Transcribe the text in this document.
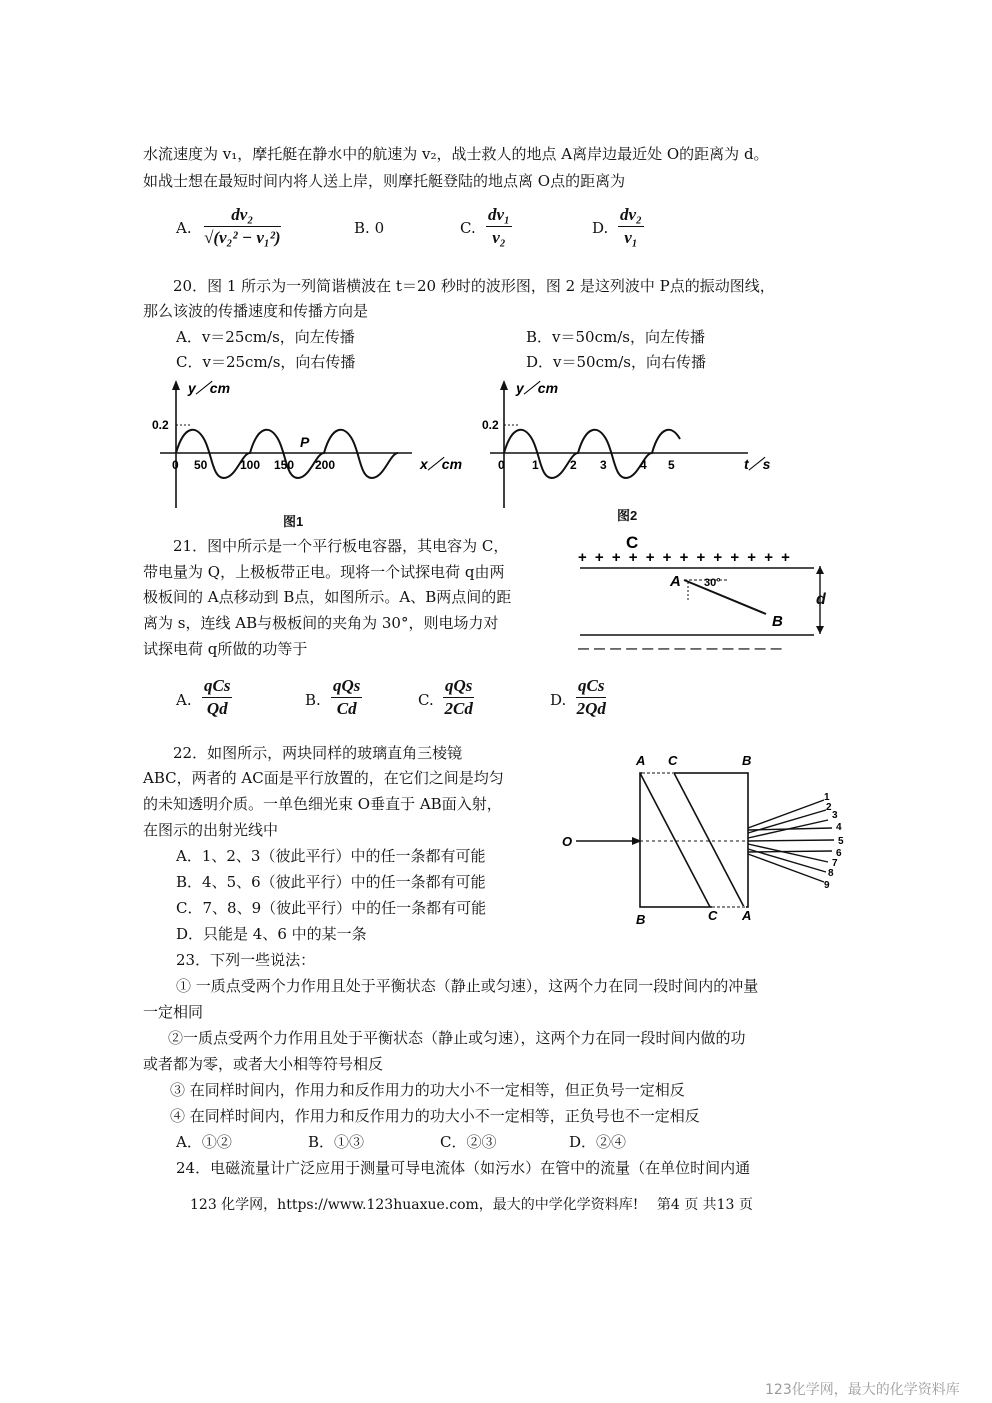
水流速度为 v₁，摩托艇在静水中的航速为 v₂，战士救人的地点 A离岸边最近处 O的距离为 d。
如战士想在最短时间内将人送上岸，则摩托艇登陆的地点离 O点的距离为
A. $\frac{\text{dv₂}}{\text{√(v₂² − v₁²)}}$	B. 0	C. $\frac{\text{dv₁}}{\text{v₂}}$	D. $\frac{\text{dv₂}}{\text{v₁}}$
20．图 1 所示为一列简谐横波在 t＝20 秒时的波形图，图 2 是这列波中 P点的振动图线，
那么该波的传播速度和传播方向是
A．v＝25cm/s，向左传播	B．v＝50cm/s，向左传播
C．v＝25cm/s，向右传播	D．v＝50cm/s，向右传播
y／cm
0.2
0 50	100 150 200
P
x／cm
图1
y／cm
0.2
0 1	2 3	4 5	t／s
图2
21．图中所示是一个平行板电容器，其电容为 C，
带电量为 Q，上极板带正电。现将一个试探电荷 q由两
极板间的 A点移动到 B点，如图所示。A、B两点间的距
离为 s，连线 AB与极板间的夹角为 30°，则电场力对
试探电荷 q所做的功等于
C
+ + + + + + + + + + + + +
— — — — — — — — — — — — —
A 30°
B
d
A.
qCs
Qd	B.
qQs
Cd	C.
qQs
2Cd	D.
qCs
2Qd
22．如图所示，两块同样的玻璃直角三棱镜
ABC，两者的 AC面是平行放置的，在它们之间是均匀
的未知透明介质。一单色细光束 O垂直于 AB面入射，
在图示的出射光线中
A．1、2、3（彼此平行）中的任一条都有可能
B．4、5、6（彼此平行）中的任一条都有可能
C．7、8、9（彼此平行）中的任一条都有可能
D．只能是 4、6 中的某一条
A C	B
B	C A
O
1
2
3
4
5
6
7
8
9
23．下列一些说法：
① 一质点受两个力作用且处于平衡状态（静止或匀速），这两个力在同一段时间内的冲量
一定相同
②一质点受两个力作用且处于平衡状态（静止或匀速），这两个力在同一段时间内做的功
或者都为零，或者大小相等符号相反
③ 在同样时间内，作用力和反作用力的功大小不一定相等，但正负号一定相反
④ 在同样时间内，作用力和反作用力的功大小不一定相等，正负号也不一定相反
A．①②	B．①③	C．②③	D．②④
24．电磁流量计广泛应用于测量可导电流体（如污水）在管中的流量（在单位时间内通
123 化学网，https://www.123huaxue.com，最大的中学化学资料库!　 第4 页 共13 页
123化学网，最大的化学资料库
